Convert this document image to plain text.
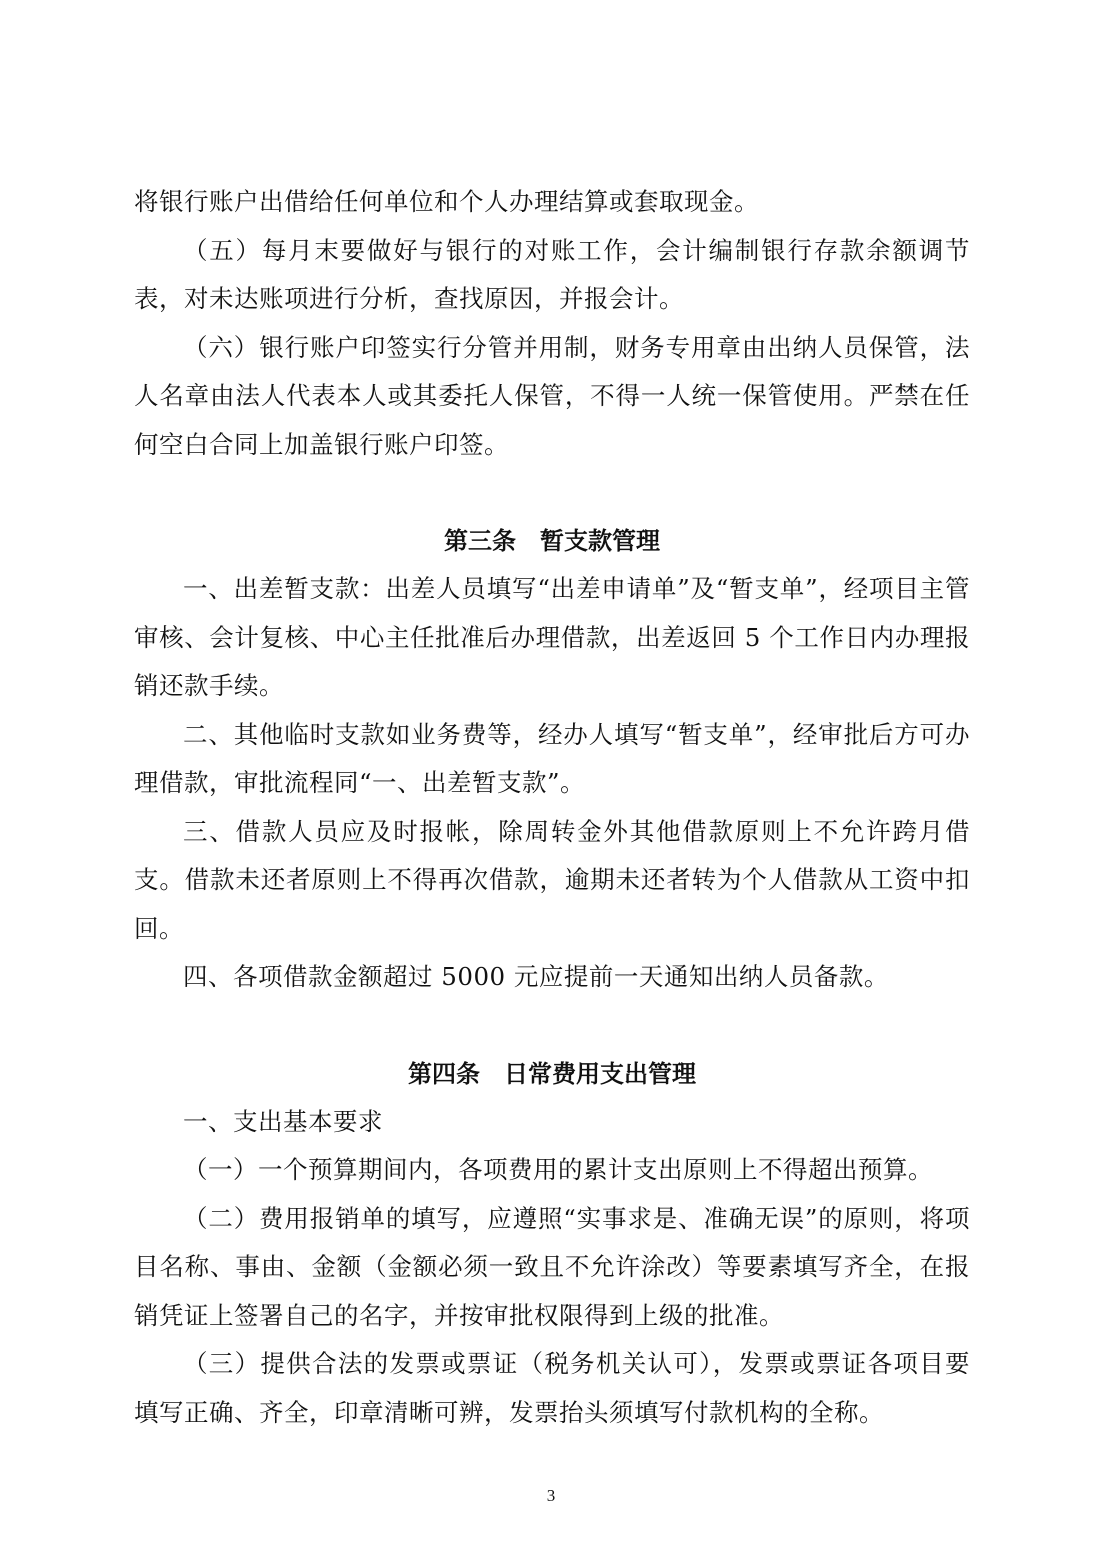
将银行账户出借给任何单位和个人办理结算或套取现金。

（五）每月末要做好与银行的对账工作，会计编制银行存款余额调节表，对未达账项进行分析，查找原因，并报会计。

（六）银行账户印签实行分管并用制，财务专用章由出纳人员保管，法人名章由法人代表本人或其委托人保管，不得一人统一保管使用。严禁在任何空白合同上加盖银行账户印签。

第三条　暂支款管理

一、出差暂支款：出差人员填写“出差申请单”及“暂支单”，经项目主管审核、会计复核、中心主任批准后办理借款，出差返回 5 个工作日内办理报销还款手续。

二、其他临时支款如业务费等，经办人填写“暂支单”，经审批后方可办理借款，审批流程同“一、出差暂支款”。

三、借款人员应及时报帐，除周转金外其他借款原则上不允许跨月借支。借款未还者原则上不得再次借款，逾期未还者转为个人借款从工资中扣回。

四、各项借款金额超过 5000 元应提前一天通知出纳人员备款。

第四条　日常费用支出管理

一、支出基本要求

（一）一个预算期间内，各项费用的累计支出原则上不得超出预算。

（二）费用报销单的填写，应遵照“实事求是、准确无误”的原则，将项目名称、事由、金额（金额必须一致且不允许涂改）等要素填写齐全，在报销凭证上签署自己的名字，并按审批权限得到上级的批准。

（三）提供合法的发票或票证（税务机关认可），发票或票证各项目要填写正确、齐全，印章清晰可辨，发票抬头须填写付款机构的全称。

3
